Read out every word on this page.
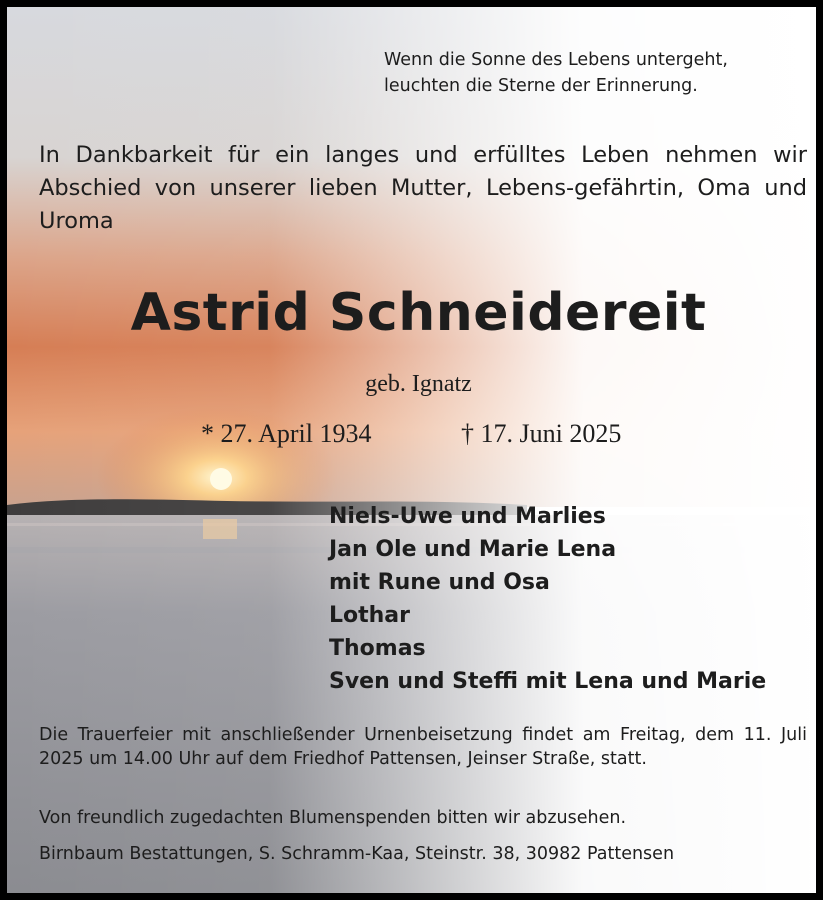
Wenn die Sonne des Lebens untergeht,
leuchten die Sterne der Erinnerung.

In Dankbarkeit für ein langes und erfülltes Leben nehmen wir Abschied von unserer lieben Mutter, Lebens-gefährtin, Oma und Uroma

Astrid Schneidereit
geb. Ignatz
* 27. April 1934	† 17. Juni 2025
Niels-Uwe und Marlies
Jan Ole und Marie Lena
mit Rune und Osa
Lothar
Thomas
Sven und Steffi mit Lena und Marie

Die Trauerfeier mit anschließender Urnenbeisetzung findet am Freitag, dem 11. Juli 2025 um 14.00 Uhr auf dem Friedhof Pattensen, Jeinser Straße, statt.

Von freundlich zugedachten Blumenspenden bitten wir abzusehen.

Birnbaum Bestattungen, S. Schramm-Kaa, Steinstr. 38, 30982 Pattensen
